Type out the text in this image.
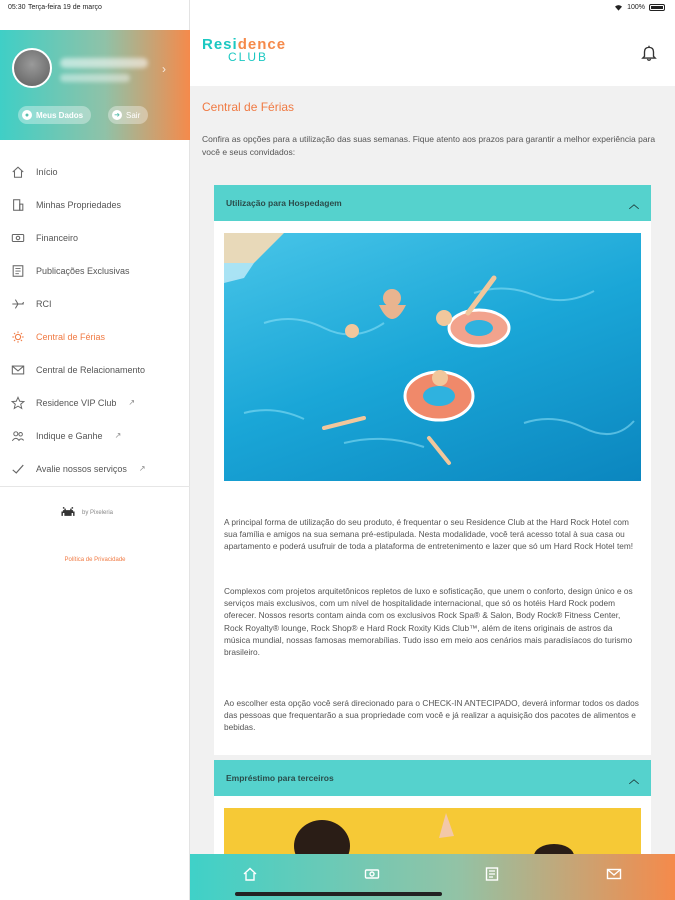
05:30 Terça-feira 19 de março	100%
›
● Meus Dados	➜ Sair
Início
Minhas Propriedades
Financeiro
Publicações Exclusivas
RCI
Central de Férias
Central de Relacionamento
Residence VIP Club ↗
Indique e Ganhe ↗
Avalie nossos serviços ↗
by Pixeleria
Política de Privacidade
Residence
CLUB
Central de Férias

Confira as opções para a utilização das suas semanas. Fique atento aos prazos para garantir a melhor experiência para você e seus convidados:

Utilização para Hospedagem	︿

A principal forma de utilização do seu produto, é frequentar o seu Residence Club at the Hard Rock Hotel com sua família e amigos na sua semana pré-estipulada. Nesta modalidade, você terá acesso total à sua casa ou apartamento e poderá usufruir de toda a plataforma de entretenimento e lazer que só um Hard Rock Hotel tem!

Complexos com projetos arquitetônicos repletos de luxo e sofisticação, que unem o conforto, design único e os serviços mais exclusivos, com um nível de hospitalidade internacional, que só os hotéis Hard Rock podem oferecer. Nossos resorts contam ainda com os exclusivos Rock Spa® & Salon, Body Rock® Fitness Center, Rock Royalty® lounge, Rock Shop® e Hard Rock Roxity Kids Club™, além de itens originais de astros da música mundial, nossas famosas memorabílias. Tudo isso em meio aos cenários mais paradisíacos do turismo brasileiro.

Ao escolher esta opção você será direcionado para o CHECK-IN ANTECIPADO, deverá informar todos os dados das pessoas que frequentarão a sua propriedade com você e já realizar a aquisição dos pacotes de alimentos e bebidas.

Empréstimo para terceiros	︿
